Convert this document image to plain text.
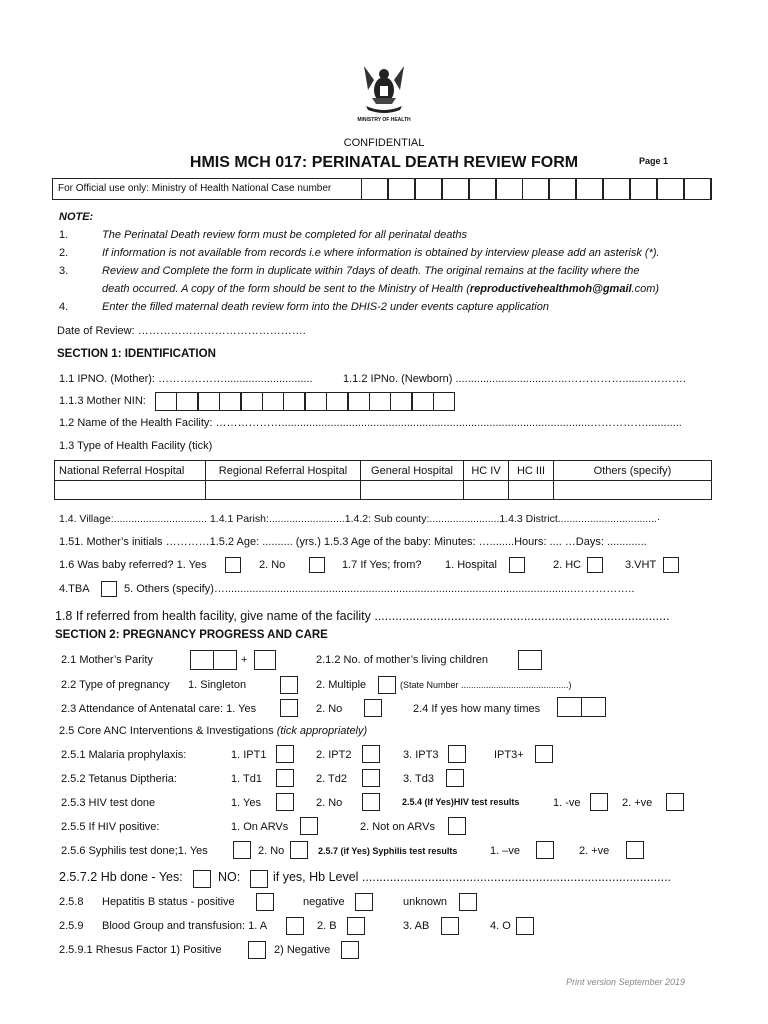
MINISTRY OF HEALTH
CONFIDENTIAL
HMIS MCH 017: PERINATAL DEATH REVIEW FORM	Page 1
For Official use only: Ministry of Health National Case number
NOTE:
1.	The Perinatal Death review form must be completed for all perinatal deaths
2.	If information is not available from records i.e where information is obtained by interview please add an asterisk (*).
3.	Review and Complete the form in duplicate within 7days of death. The original remains at the facility where the
death occurred. A copy of the form should be sent to the Ministry of Health (reproductivehealthmoh@gmail.com)
4.	Enter the filled maternal death review form into the DHIS-2 under events capture application
Date of Review: ……………………………………….
SECTION 1: IDENTIFICATION
1.1 IPNO. (Mother): ……………….............................	1.1.2 IPNo. (Newborn) ..............................…...…………….........……….
1.1.3 Mother NIN:
1.2 Name of the Health Facility: ……………….....................................................................................................……………............
1.3 Type of Health Facility (tick)
National Referral Hospital	Regional Referral Hospital	General Hospital	HC IV	HC III	Others (specify)

1.4. Village:................................ 1.4.1 Parish:..........................1.4.2: Sub county:........................1.4.3 District..................................·
1.51. Mother’s initials …………1.5.2 Age: .......... (yrs.) 1.5.3 Age of the baby: Minutes: …........Hours: .... …Days: .............
1.6 Was baby referred? 1. Yes	2. No	1.7 If Yes; from? 1. Hospital	2. HC	3.VHT
4.TBA	5. Others (specify)…..................................................................................................................……………..
1.8 If referred from health facility, give name of the facility .....................................................................................
SECTION 2: PREGNANCY PROGRESS AND CARE
2.1 Mother’s Parity	+	2.1.2 No. of mother’s living children
2.2 Type of pregnancy 1. Singleton	2. Multiple	(State Number ...........................................)
2.3 Attendance of Antenatal care: 1. Yes	2. No	2.4 If yes how many times
2.5 Core ANC Interventions & Investigations (tick appropriately)
2.5.1 Malaria prophylaxis:	1. IPT1	2. IPT2	3. IPT3	IPT3+
2.5.2 Tetanus Diptheria:	1. Td1	2. Td2	3. Td3
2.5.3 HIV test done	1. Yes	2. No	2.5.4 (If Yes)HIV test results	1. -ve	2. +ve
2.5.5 If HIV positive:	1. On ARVs	2. Not on ARVs
2.5.6 Syphilis test done;1. Yes	2. No	2.5.7 (if Yes) Syphilis test results	1. –ve	2. +ve
2.5.7.2 Hb done - Yes:	NO:	if yes, Hb Level .........................................................................................
2.5.8 Hepatitis B status - positive	negative	unknown
2.5.9 Blood Group and transfusion: 1. A	2. B	3. AB	4. O
2.5.9.1 Rhesus Factor 1) Positive	2) Negative
Print version September 2019
